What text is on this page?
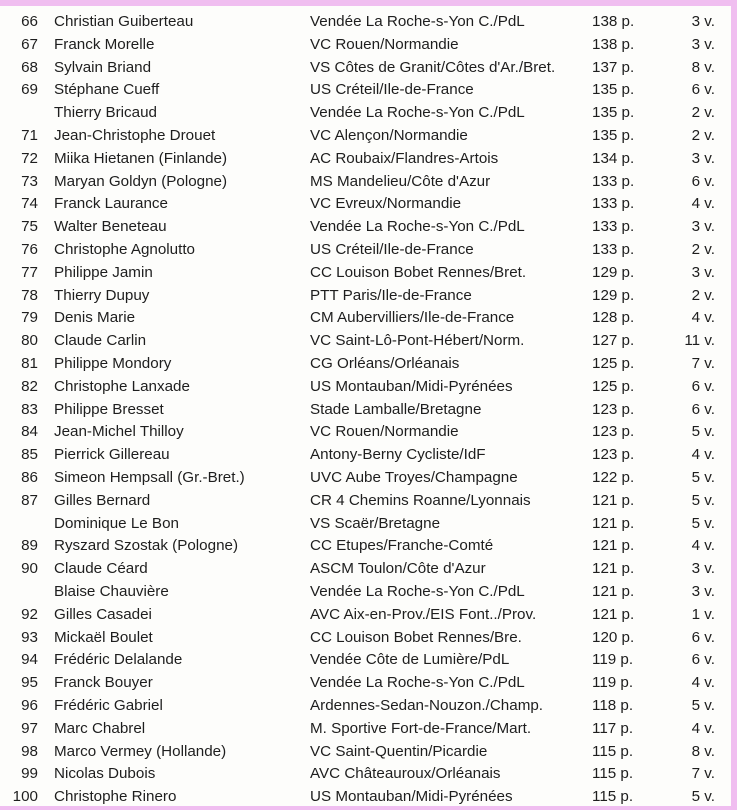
66 Christian Guiberteau	Vendée La Roche-s-Yon C./PdL	138 p.	3 v.
67 Franck Morelle	VC Rouen/Normandie	138 p.	3 v.
68 Sylvain Briand	VS Côtes de Granit/Côtes d'Ar./Bret. 137 p.	8 v.
69 Stéphane Cueff	US Créteil/Ile-de-France	135 p.	6 v.
Thierry Bricaud	Vendée La Roche-s-Yon C./PdL	135 p.	2 v.
71 Jean-Christophe Drouet	VC Alençon/Normandie	135 p.	2 v.
72 Miika Hietanen (Finlande)	AC Roubaix/Flandres-Artois	134 p.	3 v.
73 Maryan Goldyn (Pologne)	MS Mandelieu/Côte d'Azur	133 p.	6 v.
74 Franck Laurance	VC Evreux/Normandie	133 p.	4 v.
75 Walter Beneteau	Vendée La Roche-s-Yon C./PdL	133 p.	3 v.
76 Christophe Agnolutto	US Créteil/Ile-de-France	133 p.	2 v.
77 Philippe Jamin	CC Louison Bobet Rennes/Bret.	129 p.	3 v.
78 Thierry Dupuy	PTT Paris/Ile-de-France	129 p.	2 v.
79 Denis Marie	CM Aubervilliers/Ile-de-France	128 p.	4 v.
80 Claude Carlin	VC Saint-Lô-Pont-Hébert/Norm.	127 p.	11 v.
81 Philippe Mondory	CG Orléans/Orléanais	125 p.	7 v.
82 Christophe Lanxade	US Montauban/Midi-Pyrénées	125 p.	6 v.
83 Philippe Bresset	Stade Lamballe/Bretagne	123 p.	6 v.
84 Jean-Michel Thilloy	VC Rouen/Normandie	123 p.	5 v.
85 Pierrick Gillereau	Antony-Berny Cycliste/IdF	123 p.	4 v.
86 Simeon Hempsall (Gr.-Bret.)	UVC Aube Troyes/Champagne	122 p.	5 v.
87 Gilles Bernard	CR 4 Chemins Roanne/Lyonnais	121 p.	5 v.
Dominique Le Bon	VS Scaër/Bretagne	121 p.	5 v.
89 Ryszard Szostak (Pologne)	CC Etupes/Franche-Comté	121 p.	4 v.
90 Claude Céard	ASCM Toulon/Côte d'Azur	121 p.	3 v.
Blaise Chauvière	Vendée La Roche-s-Yon C./PdL	121 p.	3 v.
92 Gilles Casadei	AVC Aix-en-Prov./EIS Font../Prov.	121 p.	1 v.
93 Mickaël Boulet	CC Louison Bobet Rennes/Bre.	120 p.	6 v.
94 Frédéric Delalande	Vendée Côte de Lumière/PdL	119 p.	6 v.
95 Franck Bouyer	Vendée La Roche-s-Yon C./PdL	119 p.	4 v.
96 Frédéric Gabriel	Ardennes-Sedan-Nouzon./Champ.	118 p.	5 v.
97 Marc Chabrel	M. Sportive Fort-de-France/Mart.	117 p.	4 v.
98 Marco Vermey (Hollande)	VC Saint-Quentin/Picardie	115 p.	8 v.
99 Nicolas Dubois	AVC Châteauroux/Orléanais	115 p.	7 v.
100 Christophe Rinero	US Montauban/Midi-Pyrénées	115 p.	5 v.
